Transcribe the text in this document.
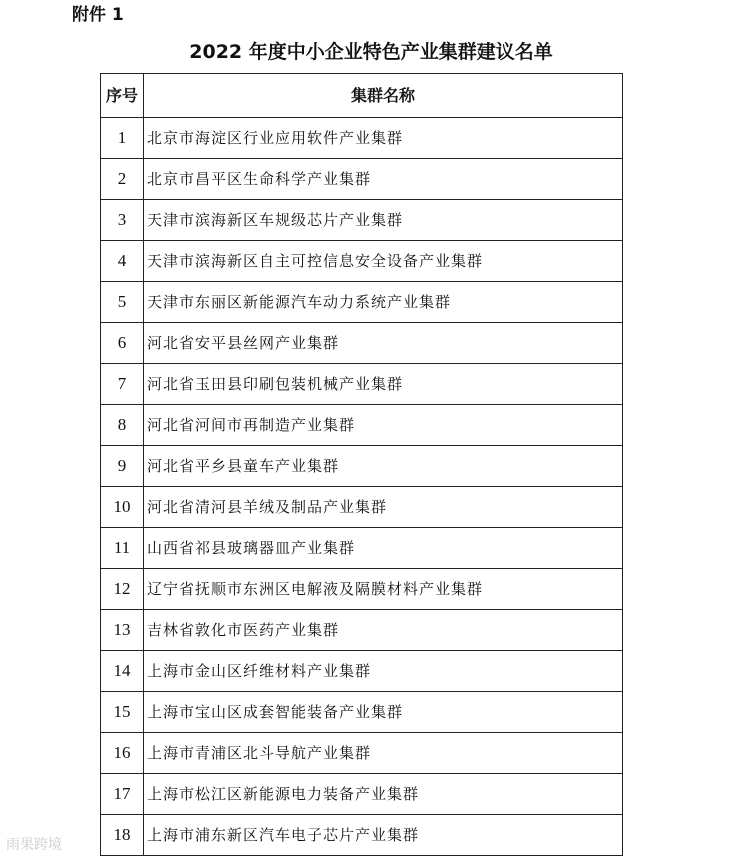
附件 1
2022 年度中小企业特色产业集群建议名单
序号	集群名称
1	北京市海淀区行业应用软件产业集群
2	北京市昌平区生命科学产业集群
3	天津市滨海新区车规级芯片产业集群
4	天津市滨海新区自主可控信息安全设备产业集群
5	天津市东丽区新能源汽车动力系统产业集群
6	河北省安平县丝网产业集群
7	河北省玉田县印刷包装机械产业集群
8	河北省河间市再制造产业集群
9	河北省平乡县童车产业集群
10	河北省清河县羊绒及制品产业集群
11	山西省祁县玻璃器皿产业集群
12	辽宁省抚顺市东洲区电解液及隔膜材料产业集群
13	吉林省敦化市医药产业集群
14	上海市金山区纤维材料产业集群
15	上海市宝山区成套智能装备产业集群
16	上海市青浦区北斗导航产业集群
17	上海市松江区新能源电力装备产业集群
18	上海市浦东新区汽车电子芯片产业集群
雨果跨境
